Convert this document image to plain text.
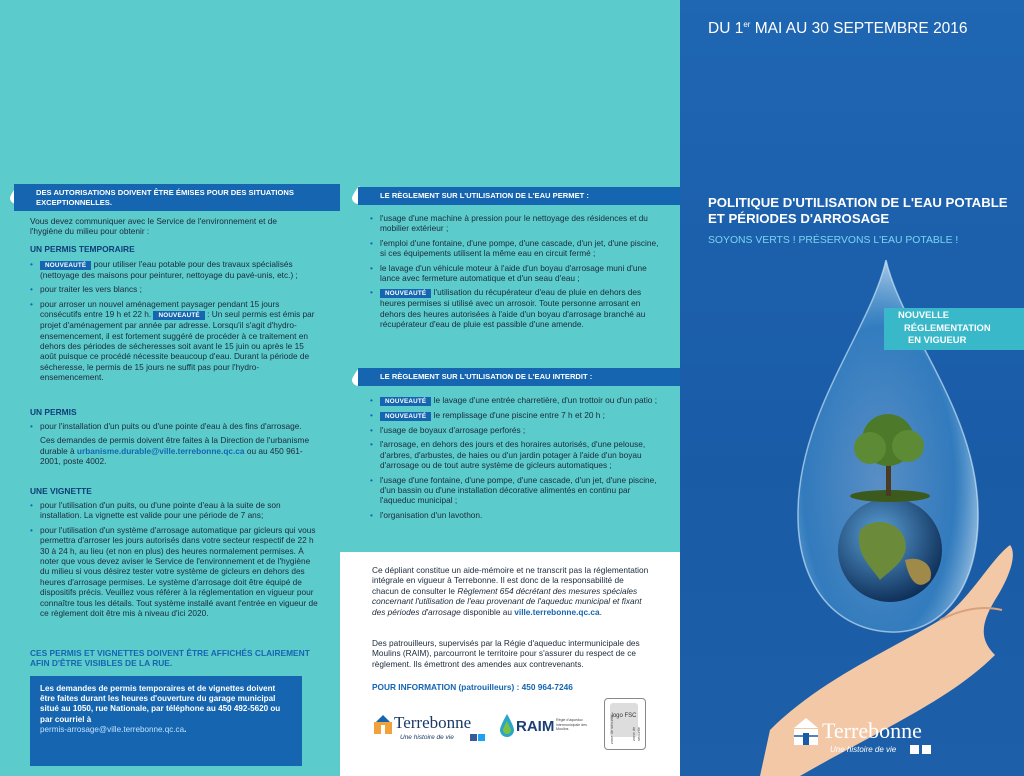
DES AUTORISATIONS DOIVENT ÊTRE ÉMISES POUR DES SITUATIONS EXCEPTIONNELLES.
Vous devez communiquer avec le Service de l'environnement et de l'hygiène du milieu pour obtenir :
UN PERMIS TEMPORAIRE
• NOUVEAUTÉ pour utiliser l'eau potable pour des travaux spécialisés (nettoyage des maisons pour peinturer, nettoyage du pavé-unis, etc.) ;
• pour traiter les vers blancs ;
• pour arroser un nouvel aménagement paysager pendant 15 jours consécutifs entre 19 h et 22 h. NOUVEAUTÉ : Un seul permis est émis par projet d'aménagement par année par adresse. Lorsqu'il s'agit d'hydro-ensemencement, il est fortement suggéré de procéder à ce traitement en dehors des périodes de sécheresses soit avant le 15 juin ou après le 15 août puisque ce procédé nécessite beaucoup d'eau. Durant la période de sécheresse, le permis de 15 jours ne suffit pas pour l'hydro-ensemencement.
UN PERMIS
• pour l'installation d'un puits ou d'une pointe d'eau à des fins d'arrosage.
Ces demandes de permis doivent être faites à la Direction de l'urbanisme durable à urbanisme.durable@ville.terrebonne.qc.ca ou au 450 961-2001, poste 4002.
UNE VIGNETTE
• pour l'utilisation d'un puits, ou d'une pointe d'eau à la suite de son installation. La vignette est valide pour une période de 7 ans;
• pour l'utilisation d'un système d'arrosage automatique par gicleurs qui vous permettra d'arroser les jours autorisés dans votre secteur respectif de 22 h 30 à 24 h, au lieu (et non en plus) des heures normalement permises. À noter que vous devez aviser le Service de l'environnement et de l'hygiène du milieu si vous désirez tester votre système de gicleurs en dehors des heures d'arrosage permises. Le système d'arrosage doit être équipé de dispositifs précis. Veuillez vous référer à la réglementation en vigueur pour connaître tous les détails. Tout système installé avant l'entrée en vigueur de ce règlement doit être mis à niveau d'ici 2020.
CES PERMIS ET VIGNETTES DOIVENT ÊTRE AFFICHÉS CLAIREMENT AFIN D'ÊTRE VISIBLES DE LA RUE.
Les demandes de permis temporaires et de vignettes doivent être faites durant les heures d'ouverture du garage municipal situé au 1050, rue Nationale, par téléphone au 450 492-5620 ou par courriel à
permis-arrosage@ville.terrebonne.qc.ca.
LE RÈGLEMENT SUR L'UTILISATION DE L'EAU PERMET :
• l'usage d'une machine à pression pour le nettoyage des résidences et du mobilier extérieur ;
• l'emploi d'une fontaine, d'une pompe, d'une cascade, d'un jet, d'une piscine, si ces équipements utilisent la même eau en circuit fermé ;
• le lavage d'un véhicule moteur à l'aide d'un boyau d'arrosage muni d'une lance avec fermeture automatique et d'un seau d'eau ;
• NOUVEAUTÉ l'utilisation du récupérateur d'eau de pluie en dehors des heures permises si utilisé avec un arrosoir. Toute personne arrosant en dehors des heures autorisées à l'aide d'un boyau d'arrosage branché au récupérateur d'eau de pluie est passible d'une amende.
LE RÈGLEMENT SUR L'UTILISATION DE L'EAU INTERDIT :
• NOUVEAUTÉ le lavage d'une entrée charretière, d'un trottoir ou d'un patio ;
• NOUVEAUTÉ le remplissage d'une piscine entre 7 h et 20 h ;
• l'usage de boyaux d'arrosage perforés ;
• l'arrosage, en dehors des jours et des horaires autorisés, d'une pelouse, d'arbres, d'arbustes, de haies ou d'un jardin potager à l'aide d'un boyau d'arrosage ou de tout autre système de gicleurs automatiques ;
• l'usage d'une fontaine, d'une pompe, d'une cascade, d'un jet, d'une piscine, d'un bassin ou d'une installation décorative alimentés en continu par l'aqueduc municipal ;
• l'organisation d'un lavothon.
Ce dépliant constitue un aide-mémoire et ne transcrit pas la réglementation intégrale en vigueur à Terrebonne. Il est donc de la responsabilité de chacun de consulter le Règlement 654 décrétant des mesures spéciales concernant l'utilisation de l'eau provenant de l'aqueduc municipal et fixant des périodes d'arrosage disponible au ville.terrebonne.qc.ca.
Des patrouilleurs, supervisés par la Régie d'aqueduc intermunicipale des Moulins (RAIM), parcourront le territoire pour s'assurer du respect de ce règlement. Ils émettront des amendes aux contrevenants.
POUR INFORMATION (patrouilleurs) : 450 964-7246
Terrebonne
Une histoire de vie
RAIM Régie d'aqueduc intermunicipale des Moulins
logo FSC
zone de sécurité	zone de sécurité
DU 1er MAI AU 30 SEPTEMBRE 2016
POLITIQUE D'UTILISATION DE L'EAU POTABLE ET PÉRIODES D'ARROSAGE
SOYONS VERTS ! PRÉSERVONS L'EAU POTABLE !
NOUVELLE
RÉGLEMENTATION
EN VIGUEUR
Terrebonne
Une histoire de vie
